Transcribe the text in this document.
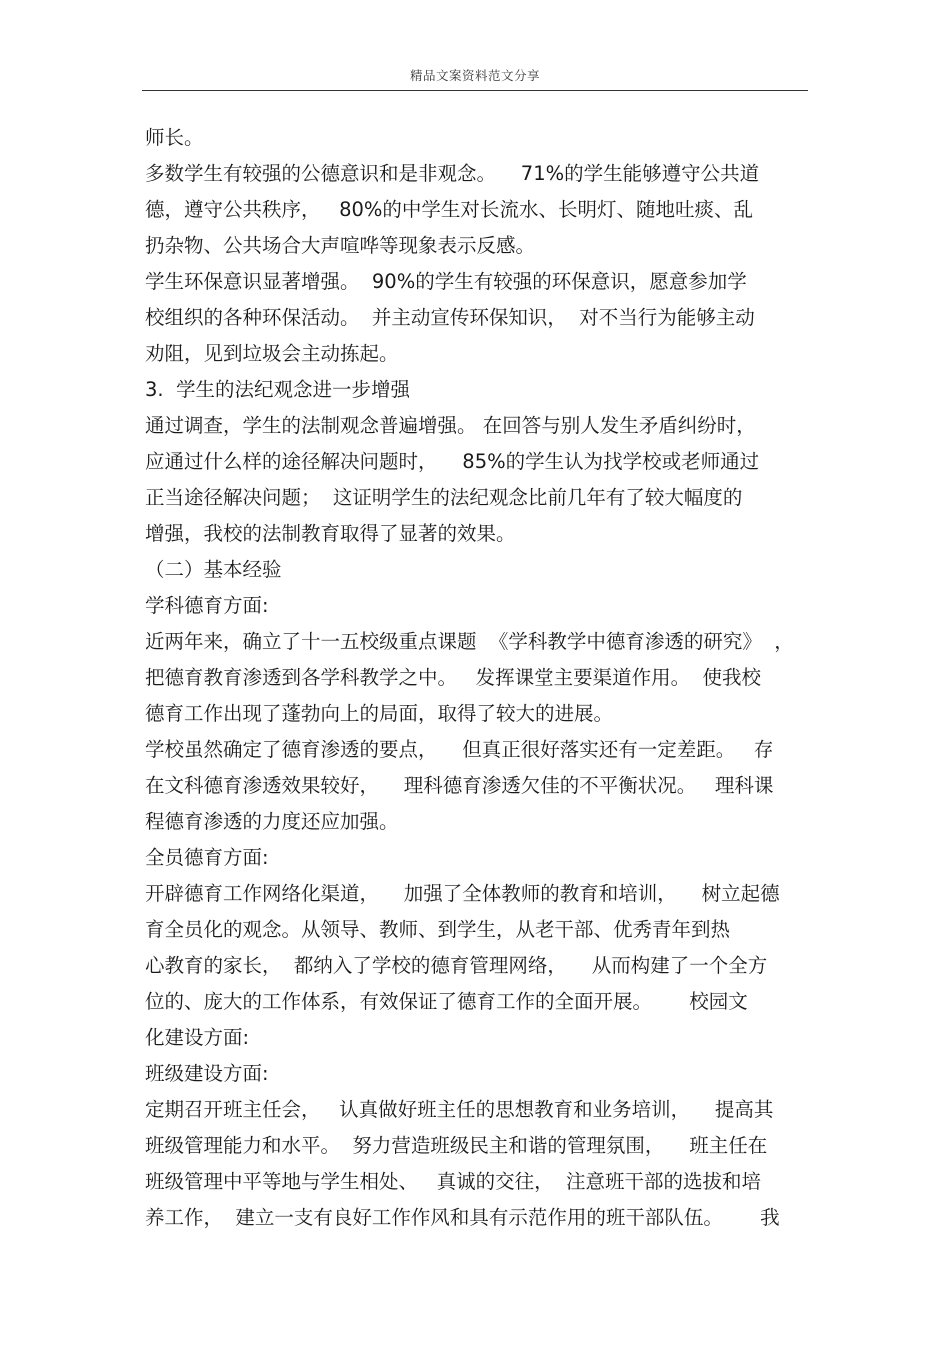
精品文案资料范文分享
师长。
多数学生有较强的公德意识和是非观念。    71%的学生能够遵守公共道
德，遵守公共秩序，   80%的中学生对长流水、长明灯、随地吐痰、乱
扔杂物、公共场合大声喧哗等现象表示反感。
学生环保意识显著增强。  90%的学生有较强的环保意识，愿意参加学
校组织的各种环保活动。  并主动宣传环保知识，  对不当行为能够主动
劝阻，见到垃圾会主动拣起。
3.  学生的法纪观念进一步增强
通过调查，学生的法制观念普遍增强。 在回答与别人发生矛盾纠纷时，
应通过什么样的途径解决问题时，    85%的学生认为找学校或老师通过
正当途径解决问题；  这证明学生的法纪观念比前几年有了较大幅度的
增强，我校的法制教育取得了显著的效果。
（二）基本经验
学科德育方面:
近两年来，确立了十一五校级重点课题  《学科教学中德育渗透的研究》  ，
把德育教育渗透到各学科教学之中。   发挥课堂主要渠道作用。  使我校
德育工作出现了蓬勃向上的局面，取得了较大的进展。
学校虽然确定了德育渗透的要点，    但真正很好落实还有一定差距。   存
在文科德育渗透效果较好，    理科德育渗透欠佳的不平衡状况。   理科课
程德育渗透的力度还应加强。
全员德育方面:
开辟德育工作网络化渠道，    加强了全体教师的教育和培训，    树立起德
育全员化的观念。从领导、教师、到学生，从老干部、优秀青年到热
心教育的家长，  都纳入了学校的德育管理网络，    从而构建了一个全方
位的、庞大的工作体系，有效保证了德育工作的全面开展。      校园文
化建设方面:
班级建设方面:
定期召开班主任会，   认真做好班主任的思想教育和业务培训，    提高其
班级管理能力和水平。  努力营造班级民主和谐的管理氛围，    班主任在
班级管理中平等地与学生相处、   真诚的交往，  注意班干部的选拔和培
养工作，  建立一支有良好工作作风和具有示范作用的班干部队伍。      我
